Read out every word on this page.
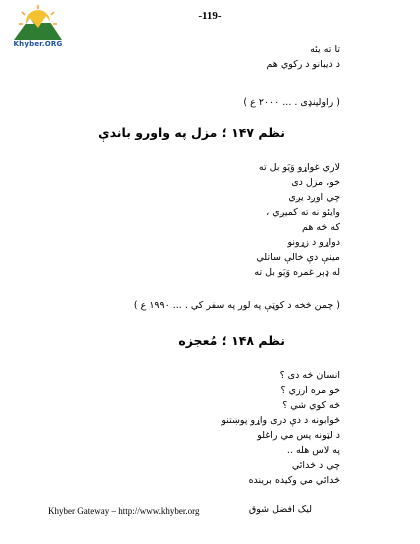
Khyber.ORG
-119-
تا ته یئه
د دیبانو د رکوي هم
( راولپنډی . ... ۲۰۰۰ ع )
نظم ۱۴۷ ؛ مزل په واورو باندې
لاري غواړو وَیَو بل ته
خو، مزل دی
چي اوږد یږي
وایئو نه ته کمیږي ،
که څه هم
دواړو د زړونو
مینې دې خالې ساتلي
له ډېر غمره وَیَو بل ته
( چمن څخه د کوټې په لور په سفر کي . ... ۱۹۹۰ ع )
نظم ۱۴۸ ؛ مُعجزه
انسان څه دی ؟
خو مره ارزي ؟
څه کوي شي ؟
څوابونه د دې دری واړو پوښتنو
د لټونه پس مي راغلو
په لاس هله ..
چي د څدائي
څدائي مي وکیده برینده
Khyber Gateway – http://www.khyber.org	لیک افضل شوق
